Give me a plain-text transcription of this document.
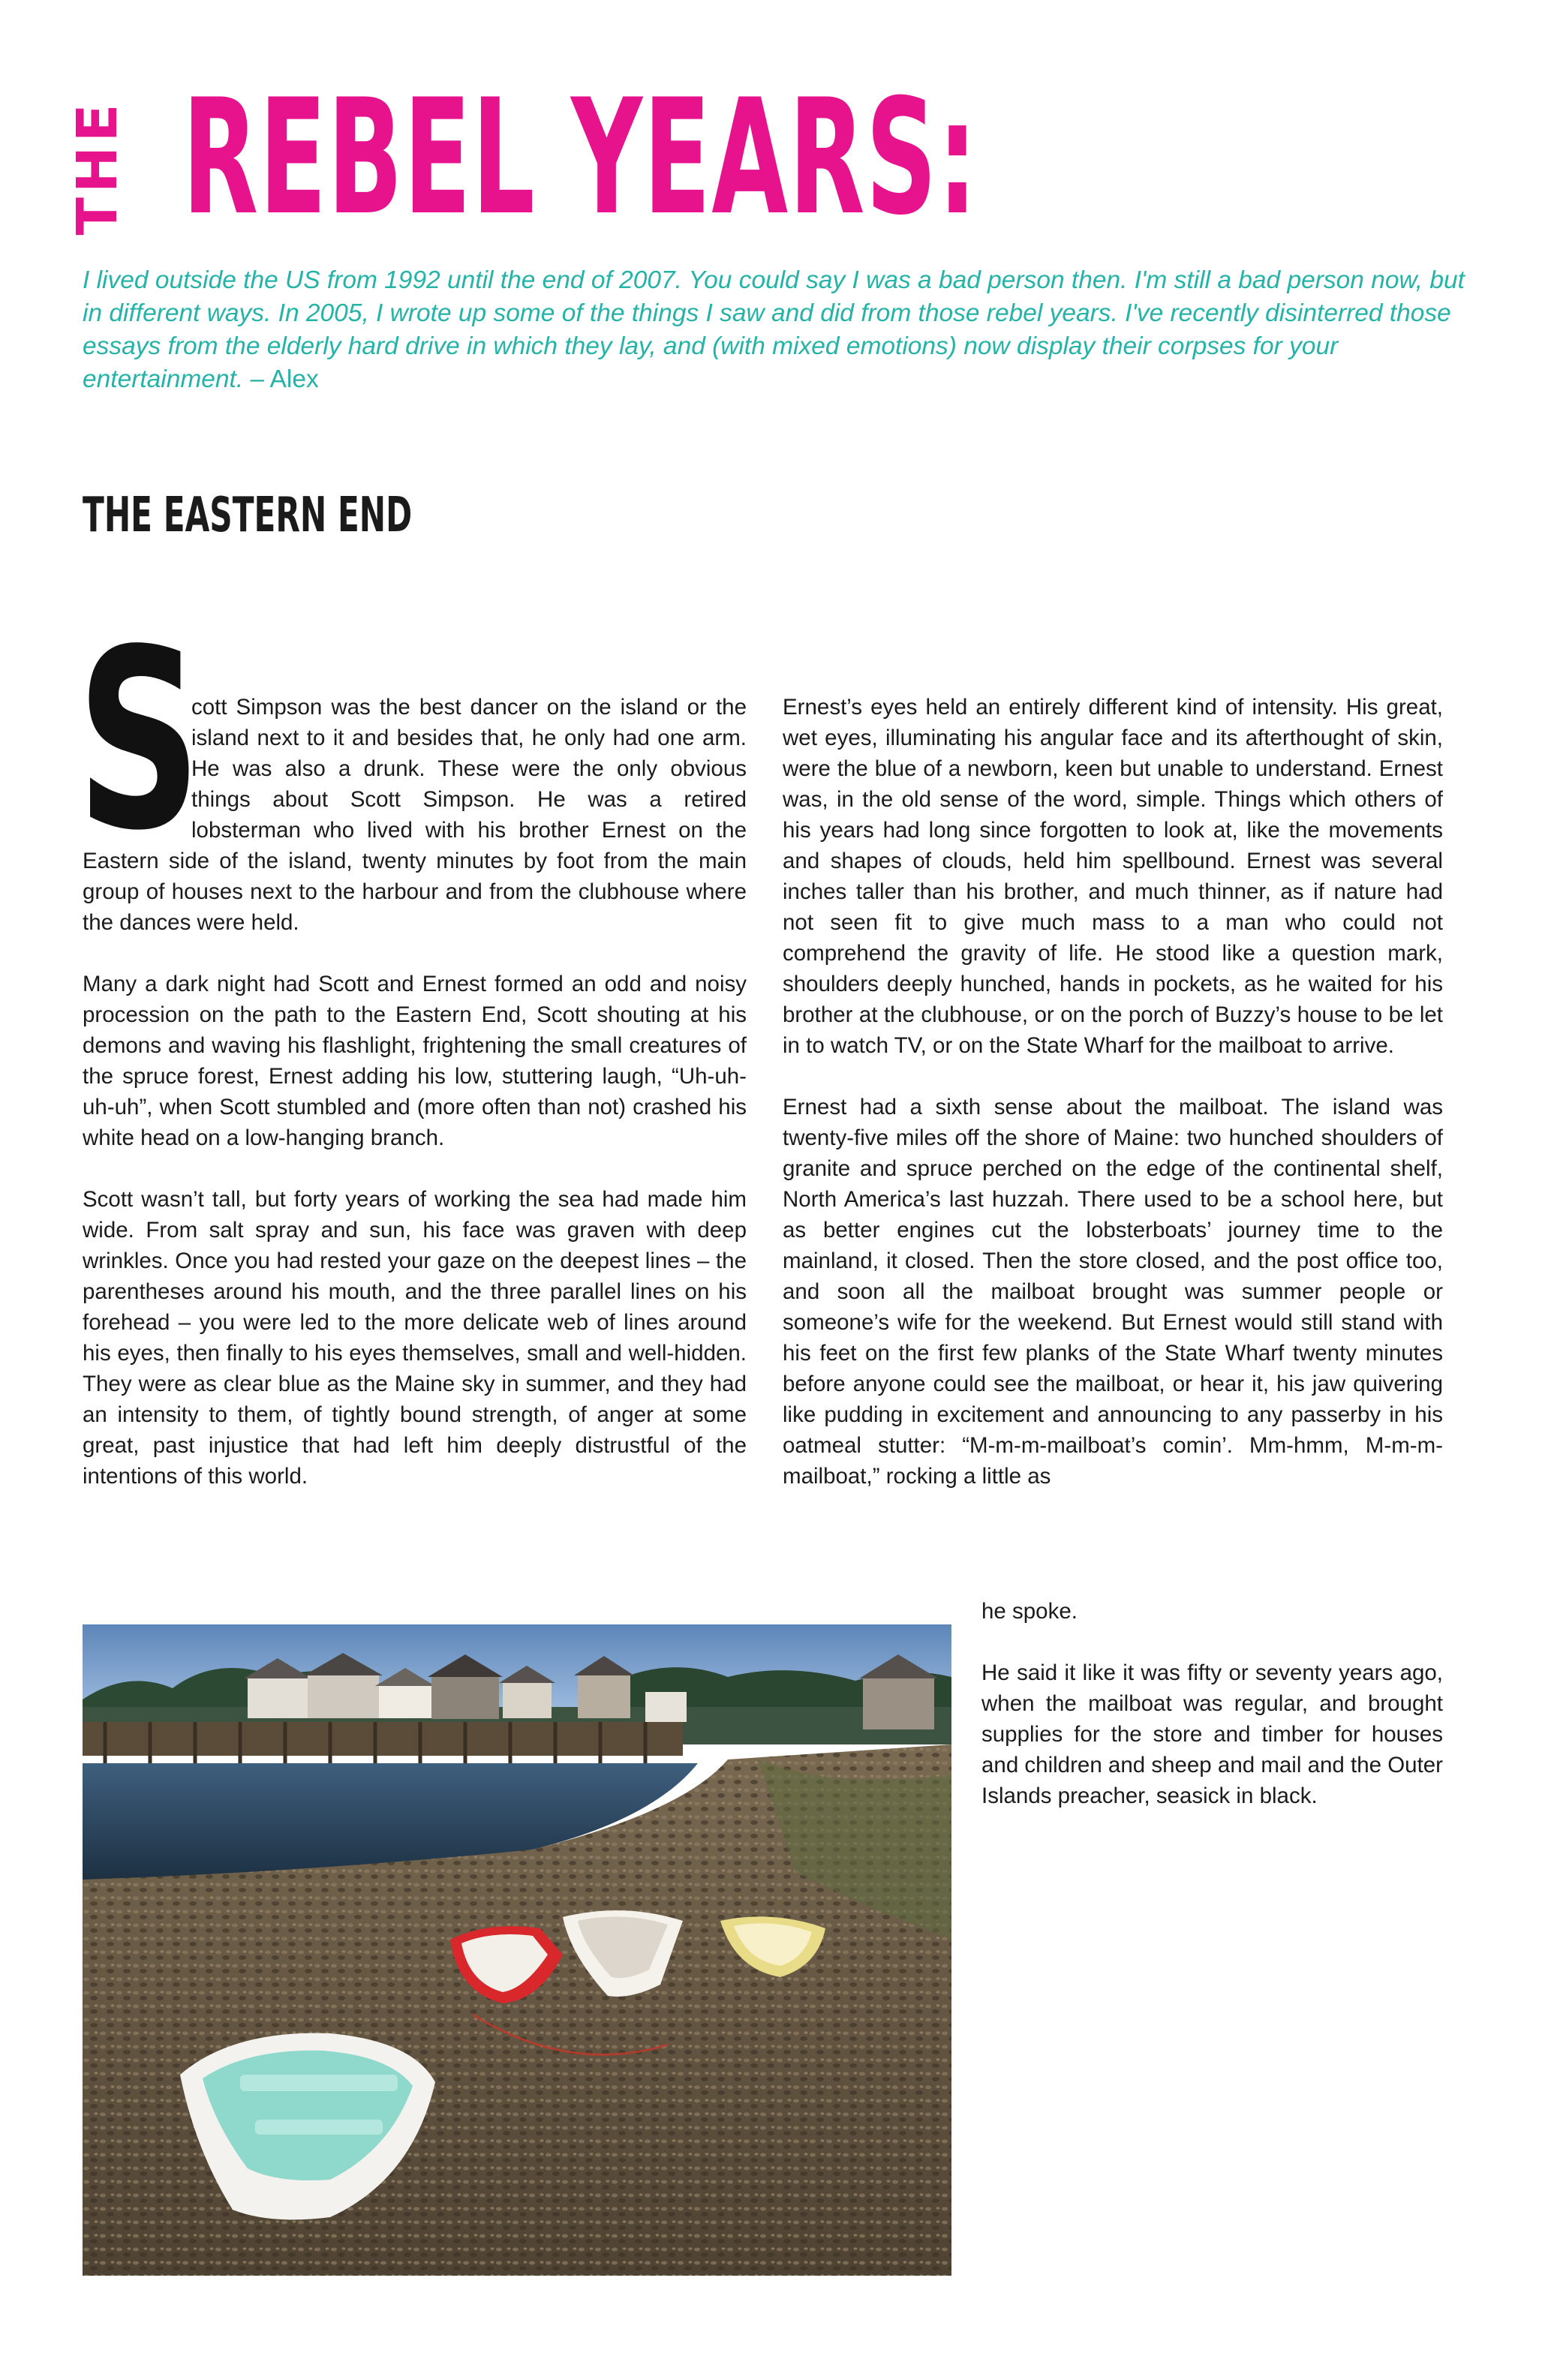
THE REBEL YEARS:

I lived outside the US from 1992 until the end of 2007. You could say I was a bad person then. I'm still a bad person now, but in different ways. In 2005, I wrote up some of the things I saw and did from those rebel years. I've recently disinterred those essays from the elderly hard drive in which they lay, and (with mixed emotions) now display their corpses for your entertainment. – Alex

THE EASTERN END

S
cott Simpson was the best dancer on the island or the island next to it and besides that, he only had one arm. He was also a drunk. These were the only obvious things about Scott Simpson. He was a retired lobsterman who lived with his brother Ernest on the Eastern side of the island, twenty minutes by foot from the main group of houses next to the harbour and from the clubhouse where the dances were held.

Many a dark night had Scott and Ernest formed an odd and noisy procession on the path to the Eastern End, Scott shouting at his demons and waving his flashlight, frightening the small creatures of the spruce forest, Ernest adding his low, stuttering laugh, “Uh-uh-uh-uh”, when Scott stumbled and (more often than not) crashed his white head on a low-hanging branch.

Scott wasn’t tall, but forty years of working the sea had made him wide. From salt spray and sun, his face was graven with deep wrinkles. Once you had rested your gaze on the deepest lines – the parentheses around his mouth, and the three parallel lines on his forehead – you were led to the more delicate web of lines around his eyes, then finally to his eyes themselves, small and well-hidden. They were as clear blue as the Maine sky in summer, and they had an intensity to them, of tightly bound strength, of anger at some great, past injustice that had left him deeply distrustful of the intentions of this world.

Ernest’s eyes held an entirely different kind of intensity. His great, wet eyes, illuminating his angular face and its afterthought of skin, were the blue of a newborn, keen but unable to understand. Ernest was, in the old sense of the word, simple. Things which others of his years had long since forgotten to look at, like the movements and shapes of clouds, held him spellbound. Ernest was several inches taller than his brother, and much thinner, as if nature had not seen fit to give much mass to a man who could not comprehend the gravity of life. He stood like a question mark, shoulders deeply hunched, hands in pockets, as he waited for his brother at the clubhouse, or on the porch of Buzzy’s house to be let in to watch TV, or on the State Wharf for the mailboat to arrive.

Ernest had a sixth sense about the mailboat. The island was twenty-five miles off the shore of Maine: two hunched shoulders of granite and spruce perched on the edge of the continental shelf, North America’s last huzzah. There used to be a school here, but as better engines cut the lobsterboats’ journey time to the mainland, it closed. Then the store closed, and the post office too, and soon all the mailboat brought was summer people or someone’s wife for the weekend. But Ernest would still stand with his feet on the first few planks of the State Wharf twenty minutes before anyone could see the mailboat, or hear it, his jaw quivering like pudding in excitement and announcing to any passerby in his oatmeal stutter: “M-m-m-mailboat’s comin’. Mm-hmm, M-m-m-mailboat,” rocking a little as

he spoke.

He said it like it was fifty or seventy years ago, when the mailboat was regular, and brought supplies for the store and timber for houses and children and sheep and mail and the Outer Islands preacher, seasick in black.
